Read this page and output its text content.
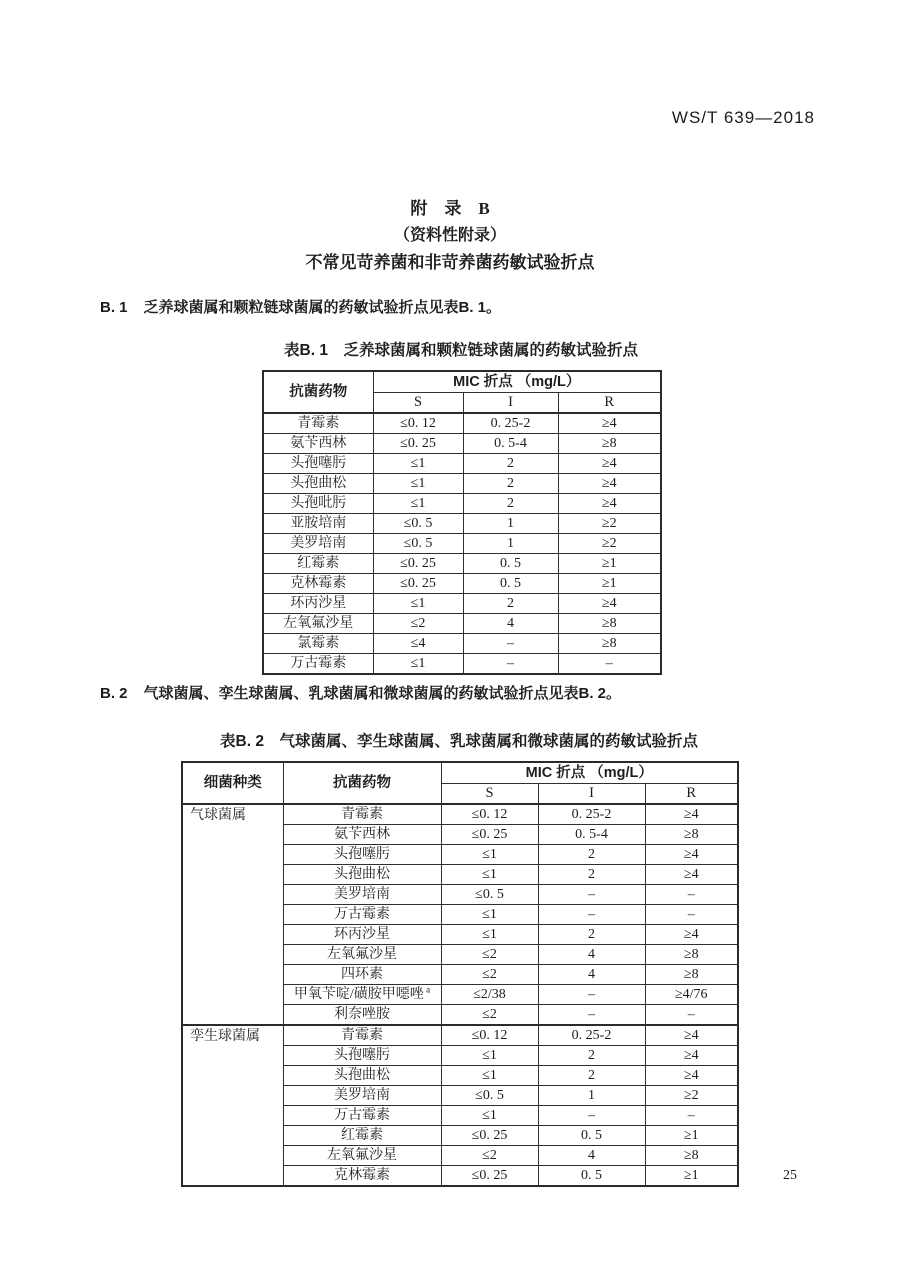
WS/T 639—2018
附　录　B
（资料性附录）
不常见苛养菌和非苛养菌药敏试验折点
B. 1 乏养球菌属和颗粒链球菌属的药敏试验折点见表B. 1。
表B. 1　乏养球菌属和颗粒链球菌属的药敏试验折点
抗菌药物	MIC 折点 （mg/L）		
	S	I	R
青霉素	≤0. 12	0. 25-2	≥4
氨苄西林	≤0. 25	0. 5-4	≥8
头孢噻肟	≤1	2	≥4
头孢曲松	≤1	2	≥4
头孢吡肟	≤1	2	≥4
亚胺培南	≤0. 5	1	≥2
美罗培南	≤0. 5	1	≥2
红霉素	≤0. 25	0. 5	≥1
克林霉素	≤0. 25	0. 5	≥1
环丙沙星	≤1	2	≥4
左氧氟沙星	≤2	4	≥8
氯霉素	≤4	–	≥8
万古霉素	≤1	–	–
B. 2 气球菌属、孪生球菌属、乳球菌属和微球菌属的药敏试验折点见表B. 2。
表B. 2　气球菌属、孪生球菌属、乳球菌属和微球菌属的药敏试验折点
细菌种类	抗菌药物	MIC 折点 （mg/L）		
		S	I	R
气球菌属	青霉素	≤0. 12	0. 25-2	≥4
	氨苄西林	≤0. 25	0. 5-4	≥8
	头孢噻肟	≤1	2	≥4
	头孢曲松	≤1	2	≥4
	美罗培南	≤0. 5	–	–
	万古霉素	≤1	–	–
	环丙沙星	≤1	2	≥4
	左氧氟沙星	≤2	4	≥8
	四环素	≤2	4	≥8
	甲氧苄啶/磺胺甲噁唑 $^a$	≤2/38	–	≥4/76
	利奈唑胺	≤2	–	–
孪生球菌属	青霉素	≤0. 12	0. 25-2	≥4
	头孢噻肟	≤1	2	≥4
	头孢曲松	≤1	2	≥4
	美罗培南	≤0. 5	1	≥2
	万古霉素	≤1	–	–
	红霉素	≤0. 25	0. 5	≥1
	左氧氟沙星	≤2	4	≥8
	克林霉素	≤0. 25	0. 5	≥1	25
